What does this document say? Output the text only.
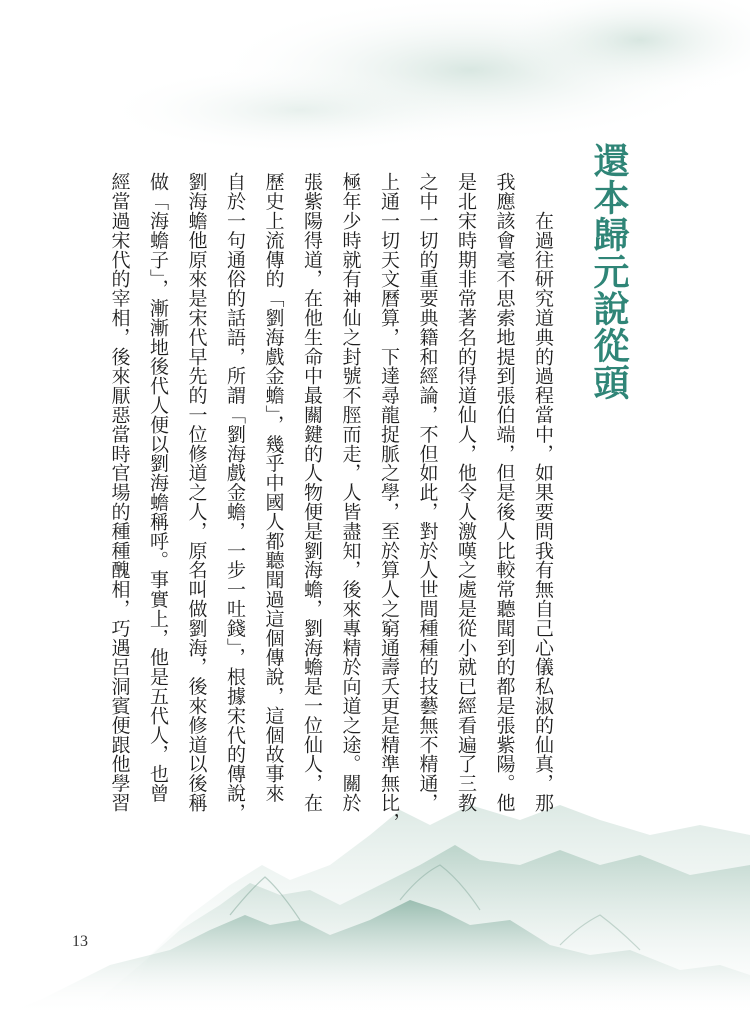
還本歸元說從頭
　　在過往研究道典的過程當中，如果要問我有無自己心儀私淑的仙真，那
我應該會毫不思索地提到張伯端，但是後人比較常聽聞到的都是張紫陽。他
是北宋時期非常著名的得道仙人，他令人激嘆之處是從小就已經看遍了三教
之中一切的重要典籍和經論，不但如此，對於人世間種種的技藝無不精通，
上通一切天文曆算，下達尋龍捉脈之學，至於算人之窮通壽夭更是精準無比，
極年少時就有神仙之封號不脛而走，人皆盡知，後來專精於向道之途。關於
張紫陽得道，在他生命中最關鍵的人物便是劉海蟾，劉海蟾是一位仙人，在
歷史上流傳的「劉海戲金蟾」，幾乎中國人都聽聞過這個傳說，這個故事來
自於一句通俗的話語，所謂「劉海戲金蟾，一步一吐錢」，根據宋代的傳說，
劉海蟾他原來是宋代早先的一位修道之人，原名叫做劉海，後來修道以後稱
做「海蟾子」，漸漸地後代人便以劉海蟾稱呼。事實上，他是五代人，也曾
經當過宋代的宰相，後來厭惡當時官場的種種醜相，巧遇呂洞賓便跟他學習
13
